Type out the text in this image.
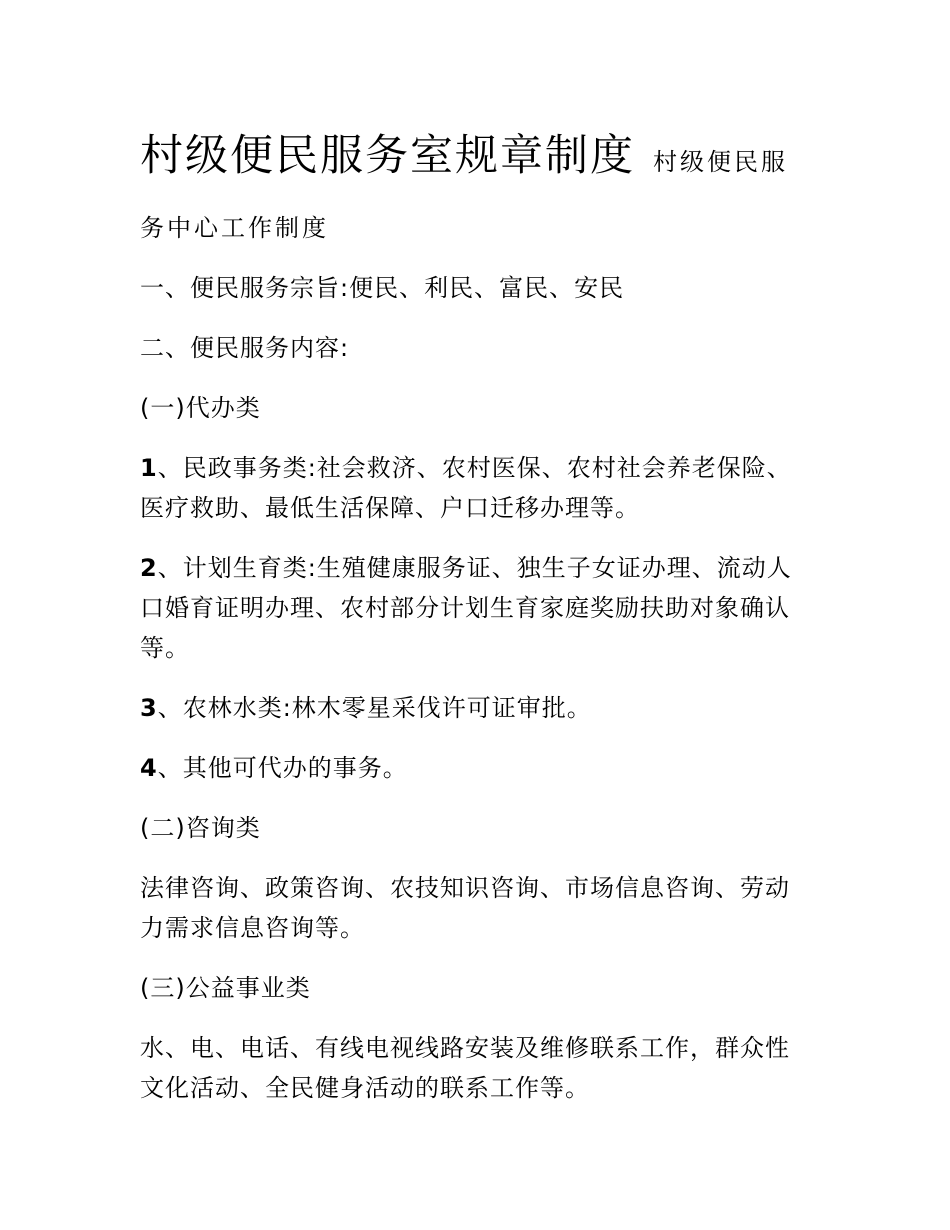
村级便民服务室规章制度 村级便民服

务中心工作制度

一、便民服务宗旨:便民、利民、富民、安民

二、便民服务内容:

(一)代办类

1、民政事务类:社会救济、农村医保、农村社会养老保险、医疗救助、最低生活保障、户口迁移办理等。

2、计划生育类:生殖健康服务证、独生子女证办理、流动人口婚育证明办理、农村部分计划生育家庭奖励扶助对象确认等。

3、农林水类:林木零星采伐许可证审批。

4、其他可代办的事务。

(二)咨询类

法律咨询、政策咨询、农技知识咨询、市场信息咨询、劳动力需求信息咨询等。

(三)公益事业类

水、电、电话、有线电视线路安装及维修联系工作，群众性文化活动、全民健身活动的联系工作等。
